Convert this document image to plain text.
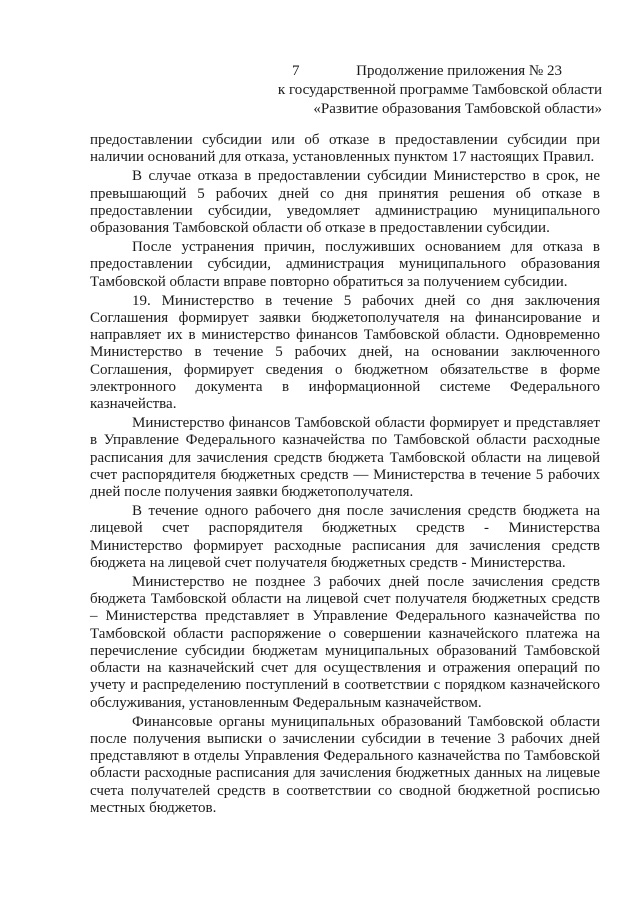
7	Продолжение приложения № 23
к государственной программе Тамбовской области
«Развитие образования Тамбовской области»

предоставлении субсидии или об отказе в предоставлении субсидии при наличии оснований для отказа, установленных пунктом 17 настоящих Правил.

В случае отказа в предоставлении субсидии Министерство в срок, не превышающий 5 рабочих дней со дня принятия решения об отказе в предоставлении субсидии, уведомляет администрацию муниципального образования Тамбовской области об отказе в предоставлении субсидии.

После устранения причин, послуживших основанием для отказа в предоставлении субсидии, администрация муниципального образования Тамбовской области вправе повторно обратиться за получением субсидии.

19. Министерство в течение 5 рабочих дней со дня заключения Соглашения формирует заявки бюджетополучателя на финансирование и направляет их в министерство финансов Тамбовской области. Одновременно Министерство в течение 5 рабочих дней, на основании заключенного Соглашения, формирует сведения о бюджетном обязательстве в форме электронного документа в информационной системе Федерального казначейства.

Министерство финансов Тамбовской области формирует и представляет в Управление Федерального казначейства по Тамбовской области расходные расписания для зачисления средств бюджета Тамбовской области на лицевой счет распорядителя бюджетных средств — Министерства в течение 5 рабочих дней после получения заявки бюджетополучателя.

В течение одного рабочего дня после зачисления средств бюджета на лицевой счет распорядителя бюджетных средств - Министерства Министерство формирует расходные расписания для зачисления средств бюджета на лицевой счет получателя бюджетных средств - Министерства.

Министерство не позднее 3 рабочих дней после зачисления средств бюджета Тамбовской области на лицевой счет получателя бюджетных средств – Министерства представляет в Управление Федерального казначейства по Тамбовской области распоряжение о совершении казначейского платежа на перечисление субсидии бюджетам муниципальных образований Тамбовской области на казначейский счет для осуществления и отражения операций по учету и распределению поступлений в соответствии с порядком казначейского обслуживания, установленным Федеральным казначейством.

Финансовые органы муниципальных образований Тамбовской области после получения выписки о зачислении субсидии в течение 3 рабочих дней представляют в отделы Управления Федерального казначейства по Тамбовской области расходные расписания для зачисления бюджетных данных на лицевые счета получателей средств в соответствии со сводной бюджетной росписью местных бюджетов.
